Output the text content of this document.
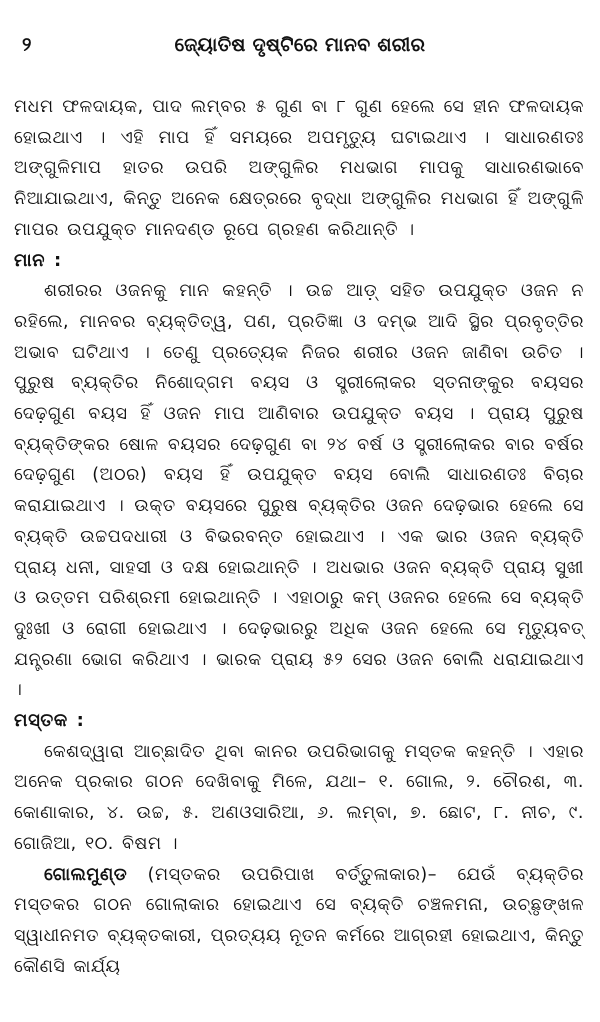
୨	ଜ୍ୟୋତିଷ ଦୃଷ୍ଟିରେ ମାନବ ଶରୀର

ମଧମ ଫଳଦାୟକ, ପାଦ ଲମ୍ବର ୫ ଗୁଣ ବା ୮ ଗୁଣ ହେଲେ ସେ ହୀନ ଫଳଦାୟକ ହୋଇଥାଏ । ଏହି ମାପ ହିଁ ସମୟରେ ଅପମୃତ୍ୟୁ ଘଟାଇଥାଏ । ସାଧାରଣତଃ ଅଙ୍ଗୁଳିମାପ ହାତର ଉପରି ଅଙ୍ଗୁଳିର ମଧଭାଗ ମାପକୁ ସାଧାରଣଭାବେ ନିଆଯାଇଥାଏ, କିନ୍ତୁ ଅନେକ କ୍ଷେତ୍ରରେ ବୃଦ୍ଧା ଅଙ୍ଗୁଳିର ମଧଭାଗ ହିଁ ଅଙ୍ଗୁଳି ମାପର ଉପଯୁକ୍ତ ମାନଦଣ୍ଡ ରୂପେ ଗ୍ରହଣ କରିଥାନ୍ତି ।

ମାନ :

ଶରୀରର ଓଜନକୁ ମାନ କହନ୍ତି । ଉଚ୍ଚ ଆଡ଼୍ ସହିତ ଉପଯୁକ୍ତ ଓଜନ ନ ରହିଲେ, ମାନବର ବ୍ୟକ୍ତିତ୍ୱ, ପଣ, ପ୍ରତିଜ୍ଞା ଓ ଦମ୍ଭ ଆଦି ସ୍ଥିର ପ୍ରବୃତ୍ତିର ଅଭାବ ଘଟିଥାଏ । ତେଣୁ ପ୍ରତ୍ୟେକ ନିଜର ଶରୀର ଓଜନ ଜାଣିବା ଉଚିତ । ପୁରୁଷ ବ୍ୟକ୍ତିର ନିଶୋଦ୍‌ଗମ ବୟସ ଓ ସ୍ତ୍ରୀଲୋକର ସ୍ତନାଙ୍କୁର ବୟସର ଦେଢ଼ଗୁଣ ବୟସ ହିଁ ଓଜନ ମାପ ଆଣିବାର ଉପଯୁକ୍ତ ବୟସ । ପ୍ରାୟ ପୁରୁଷ ବ୍ୟକ୍ତିଙ୍କର ଷୋଳ ବୟସର ଦେଢ଼ଗୁଣ ବା ୨୪ ବର୍ଷ ଓ ସ୍ତ୍ରୀଲୋକର ବାର ବର୍ଷର ଦେଢ଼ଗୁଣ (ଅଠର) ବୟସ ହିଁ ଉପଯୁକ୍ତ ବୟସ ବୋଲି ସାଧାରଣତଃ ବିଚାର କରାଯାଇଥାଏ । ଉକ୍ତ ବୟସରେ ପୁରୁଷ ବ୍ୟକ୍ତିର ଓଜନ ଦେଢ଼ଭାର ହେଲେ ସେ ବ୍ୟକ୍ତି ଉଚ୍ଚପଦଧାରୀ ଓ ବିଭରବନ୍ତ ହୋଇଥାଏ । ଏକ ଭାର ଓଜନ ବ୍ୟକ୍ତି ପ୍ରାୟ ଧନୀ, ସାହସୀ ଓ ଦକ୍ଷ ହୋଇଥାନ୍ତି । ଅଧଭାର ଓଜନ ବ୍ୟକ୍ତି ପ୍ରାୟ ସୁଖୀ ଓ ଉତ୍ତମ ପରିଶ୍ରମୀ ହୋଇଥାନ୍ତି । ଏହାଠାରୁ କମ୍ ଓଜନର ହେଲେ ସେ ବ୍ୟକ୍ତି ଦୁଃଖୀ ଓ ରୋଗୀ ହୋଇଥାଏ । ଦେଢ଼ଭାରରୁ ଅଧିକ ଓଜନ ହେଲେ ସେ ମୃତ୍ୟୁବତ୍ ଯନ୍ତ୍ରଣା ଭୋଗ କରିଥାଏ । ଭାରକ ପ୍ରାୟ ୫୨ ସେର ଓଜନ ବୋଲି ଧରାଯାଇଥାଏ ।

ମସ୍ତକ :

କେଶଦ୍ୱାରା ଆଚ୍ଛାଦିତ ଥିବା କାନର ଉପରିଭାଗକୁ ମସ୍ତକ କହନ୍ତି । ଏହାର ଅନେକ ପ୍ରକାର ଗଠନ ଦେଖିବାକୁ ମିଳେ, ଯଥା– ୧. ଗୋଲ, ୨. ଚୌରଶ, ୩. କୋଣାକାର, ୪. ଉଚ୍ଚ, ୫. ଅଣଓସାରିଆ, ୬. ଲମ୍ବା, ୭. ଛୋଟ, ୮. ନୀଚ, ୯. ଗୋଜିଆ, ୧୦. ବିଷମ ।

ଗୋଲମୁଣ୍ଡ (ମସ୍ତକର ଉପରିପାଖ ବର୍ତ୍ତୁଳାକାର)– ଯେଉଁ ବ୍ୟକ୍ତିର ମସ୍ତକର ଗଠନ ଗୋଲାକାର ହୋଇଥାଏ ସେ ବ୍ୟକ୍ତି ଚଞ୍ଚଳମନା, ଉଚ୍ଛୃଙ୍ଖଳ ସ୍ୱାଧୀନମତ ବ୍ୟକ୍ତକାରୀ, ପ୍ରତ୍ୟୟ ନୂତନ କର୍ମରେ ଆଗ୍ରହୀ ହୋଇଥାଏ, କିନ୍ତୁ କୌଣସି କାର୍ଯ୍ୟ
